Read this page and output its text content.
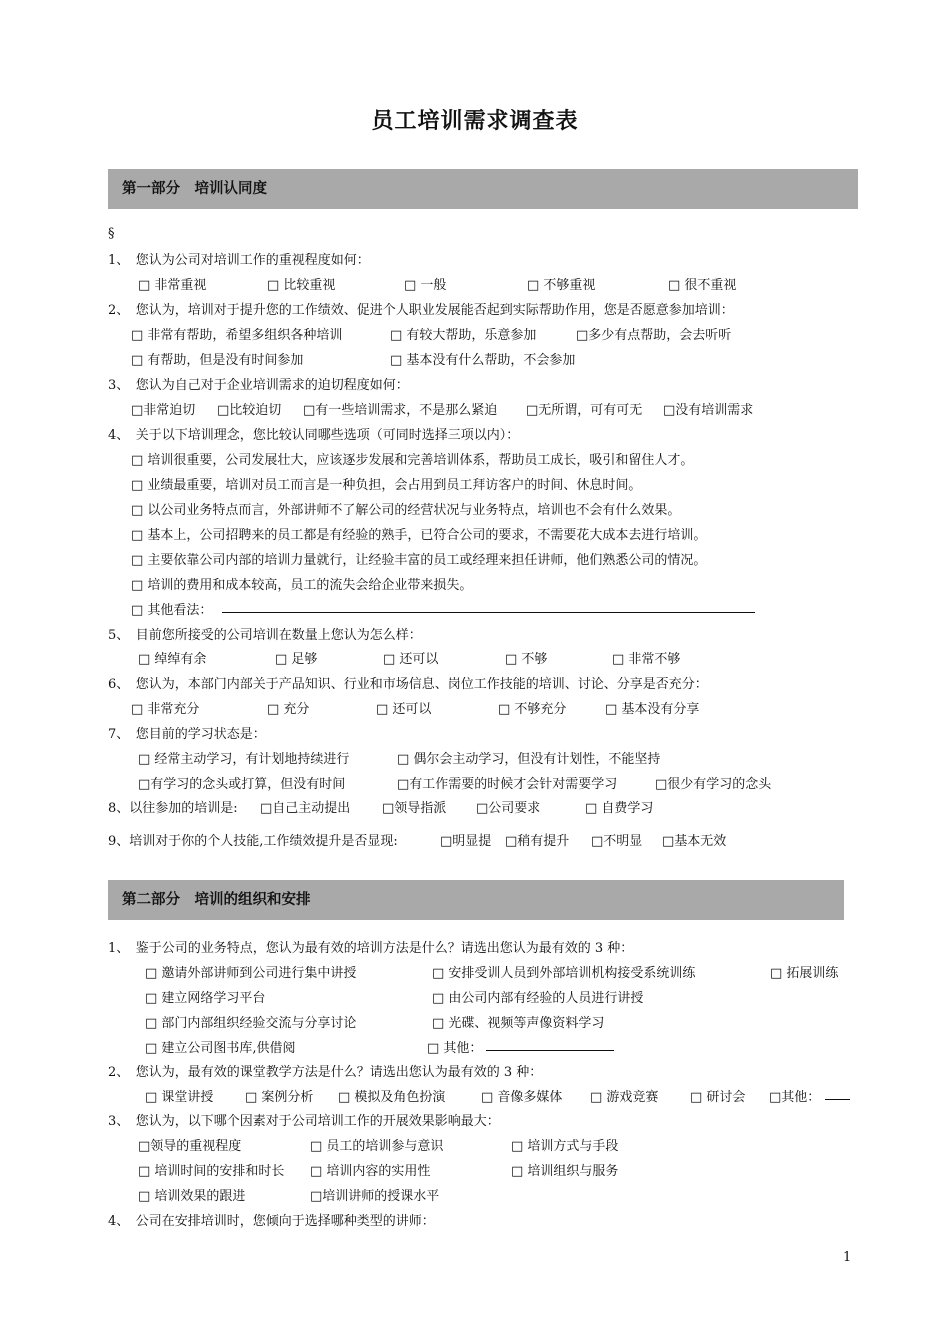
员工培训需求调查表
第一部分　培训认同度
§
1、　您认为公司对培训工作的重视程度如何：
□ 非常重视	□ 比较重视	□ 一般	□ 不够重视	□ 很不重视
2、　您认为，培训对于提升您的工作绩效、促进个人职业发展能否起到实际帮助作用，您是否愿意参加培训：
□ 非常有帮助，希望多组织各种培训	□ 有较大帮助，乐意参加	□多少有点帮助，会去听听
□ 有帮助，但是没有时间参加	□ 基本没有什么帮助，不会参加
3、　您认为自己对于企业培训需求的迫切程度如何：
□非常迫切 □比较迫切 □有一些培训需求，不是那么紧迫 □无所谓，可有可无 □没有培训需求
4、　关于以下培训理念，您比较认同哪些选项（可同时选择三项以内）：
□ 培训很重要，公司发展壮大，应该逐步发展和完善培训体系，帮助员工成长，吸引和留住人才。
□ 业绩最重要，培训对员工而言是一种负担，会占用到员工拜访客户的时间、休息时间。
□ 以公司业务特点而言，外部讲师不了解公司的经营状况与业务特点，培训也不会有什么效果。
□ 基本上，公司招聘来的员工都是有经验的熟手，已符合公司的要求，不需要花大成本去进行培训。
□ 主要依靠公司内部的培训力量就行，让经验丰富的员工或经理来担任讲师，他们熟悉公司的情况。
□ 培训的费用和成本较高，员工的流失会给企业带来损失。
□ 其他看法：
5、　目前您所接受的公司培训在数量上您认为怎么样：
□ 绰绰有余	□ 足够	□ 还可以	□ 不够	□ 非常不够
6、　您认为，本部门内部关于产品知识、行业和市场信息、岗位工作技能的培训、讨论、分享是否充分：
□ 非常充分	□ 充分	□ 还可以	□ 不够充分	□ 基本没有分享
7、　您目前的学习状态是：
□ 经常主动学习，有计划地持续进行	□ 偶尔会主动学习，但没有计划性，不能坚持
□有学习的念头或打算，但没有时间	□有工作需要的时候才会针对需要学习	□很少有学习的念头
8、以往参加的培训是: □自己主动提出 □领导指派 □公司要求	□ 自费学习
9、培训对于你的个人技能,工作绩效提升是否显现:	□明显提 □稍有提升 □不明显 □基本无效
第二部分　培训的组织和安排
1、　鉴于公司的业务特点，您认为最有效的培训方法是什么？请选出您认为最有效的 3 种：
□ 邀请外部讲师到公司进行集中讲授	□ 安排受训人员到外部培训机构接受系统训练	□ 拓展训练
□ 建立网络学习平台	□ 由公司内部有经验的人员进行讲授
□ 部门内部组织经验交流与分享讨论	□ 光碟、视频等声像资料学习
□ 建立公司图书库,供借阅	□ 其他：
2、　您认为，最有效的课堂教学方法是什么？请选出您认为最有效的 3 种：
□ 课堂讲授 □ 案例分析 □ 模拟及角色扮演	□ 音像多媒体 □ 游戏竞赛 □ 研讨会 □其他：
3、　您认为，以下哪个因素对于公司培训工作的开展效果影响最大：
□领导的重视程度	□ 员工的培训参与意识	□ 培训方式与手段
□ 培训时间的安排和时长 □ 培训内容的实用性	□ 培训组织与服务
□ 培训效果的跟进	□培训讲师的授课水平
4、　公司在安排培训时，您倾向于选择哪种类型的讲师：
1
